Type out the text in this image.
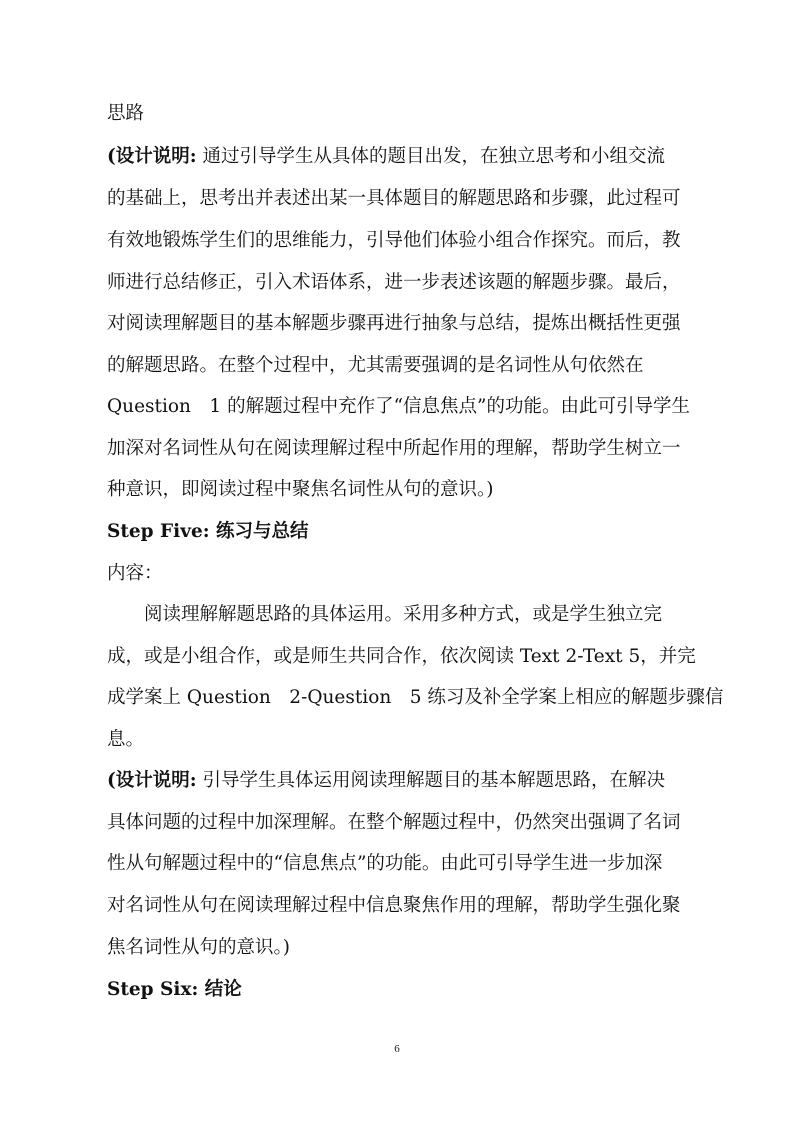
思路
(设计说明: 通过引导学生从具体的题目出发，在独立思考和小组交流
的基础上，思考出并表述出某一具体题目的解题思路和步骤，此过程可
有效地锻炼学生们的思维能力，引导他们体验小组合作探究。而后，教
师进行总结修正，引入术语体系，进一步表述该题的解题步骤。最后，
对阅读理解题目的基本解题步骤再进行抽象与总结，提炼出概括性更强
的解题思路。在整个过程中，尤其需要强调的是名词性从句依然在
Question　1 的解题过程中充作了“信息焦点”的功能。由此可引导学生
加深对名词性从句在阅读理解过程中所起作用的理解，帮助学生树立一
种意识，即阅读过程中聚焦名词性从句的意识。)
Step Five: 练习与总结
内容：
阅读理解解题思路的具体运用。采用多种方式，或是学生独立完
成，或是小组合作，或是师生共同合作，依次阅读 Text 2-Text 5，并完
成学案上 Question　2-Question　5 练习及补全学案上相应的解题步骤信
息。
(设计说明: 引导学生具体运用阅读理解题目的基本解题思路，在解决
具体问题的过程中加深理解。在整个解题过程中，仍然突出强调了名词
性从句解题过程中的“信息焦点”的功能。由此可引导学生进一步加深
对名词性从句在阅读理解过程中信息聚焦作用的理解，帮助学生强化聚
焦名词性从句的意识。)
Step Six: 结论
6
